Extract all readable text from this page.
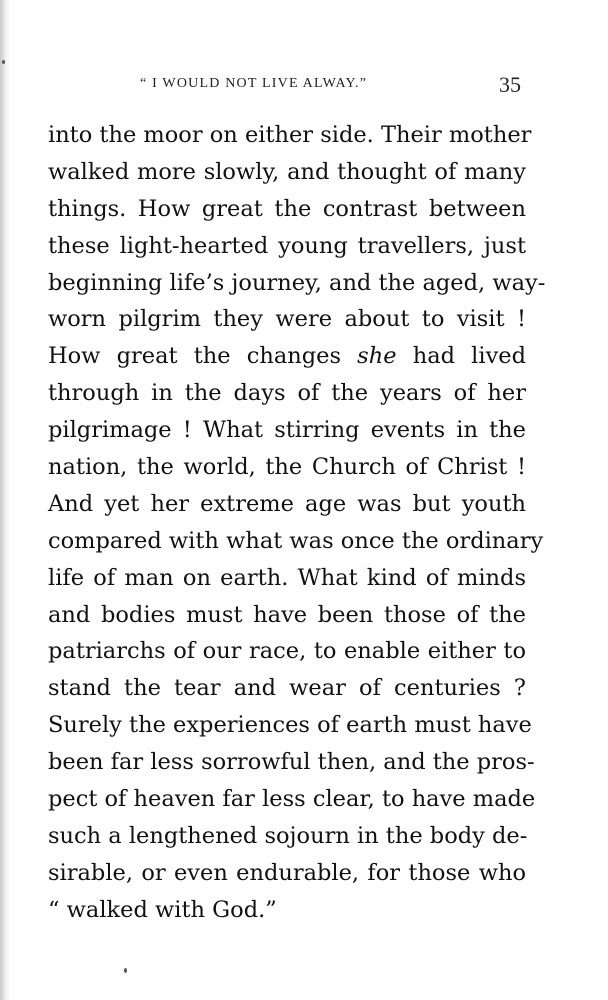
“ I WOULD NOT LIVE ALWAY.”	35
into the moor on either side. Their mother
walked more slowly, and thought of many
things. How great the contrast between
these light-hearted young travellers, just
beginning life’s journey, and the aged, way-
worn pilgrim they were about to visit !
How great the changes she had lived
through in the days of the years of her
pilgrimage ! What stirring events in the
nation, the world, the Church of Christ !
And yet her extreme age was but youth
compared with what was once the ordinary
life of man on earth. What kind of minds
and bodies must have been those of the
patriarchs of our race, to enable either to
stand the tear and wear of centuries ?
Surely the experiences of earth must have
been far less sorrowful then, and the pros-
pect of heaven far less clear, to have made
such a lengthened sojourn in the body de-
sirable, or even endurable, for those who
“ walked with God.”
